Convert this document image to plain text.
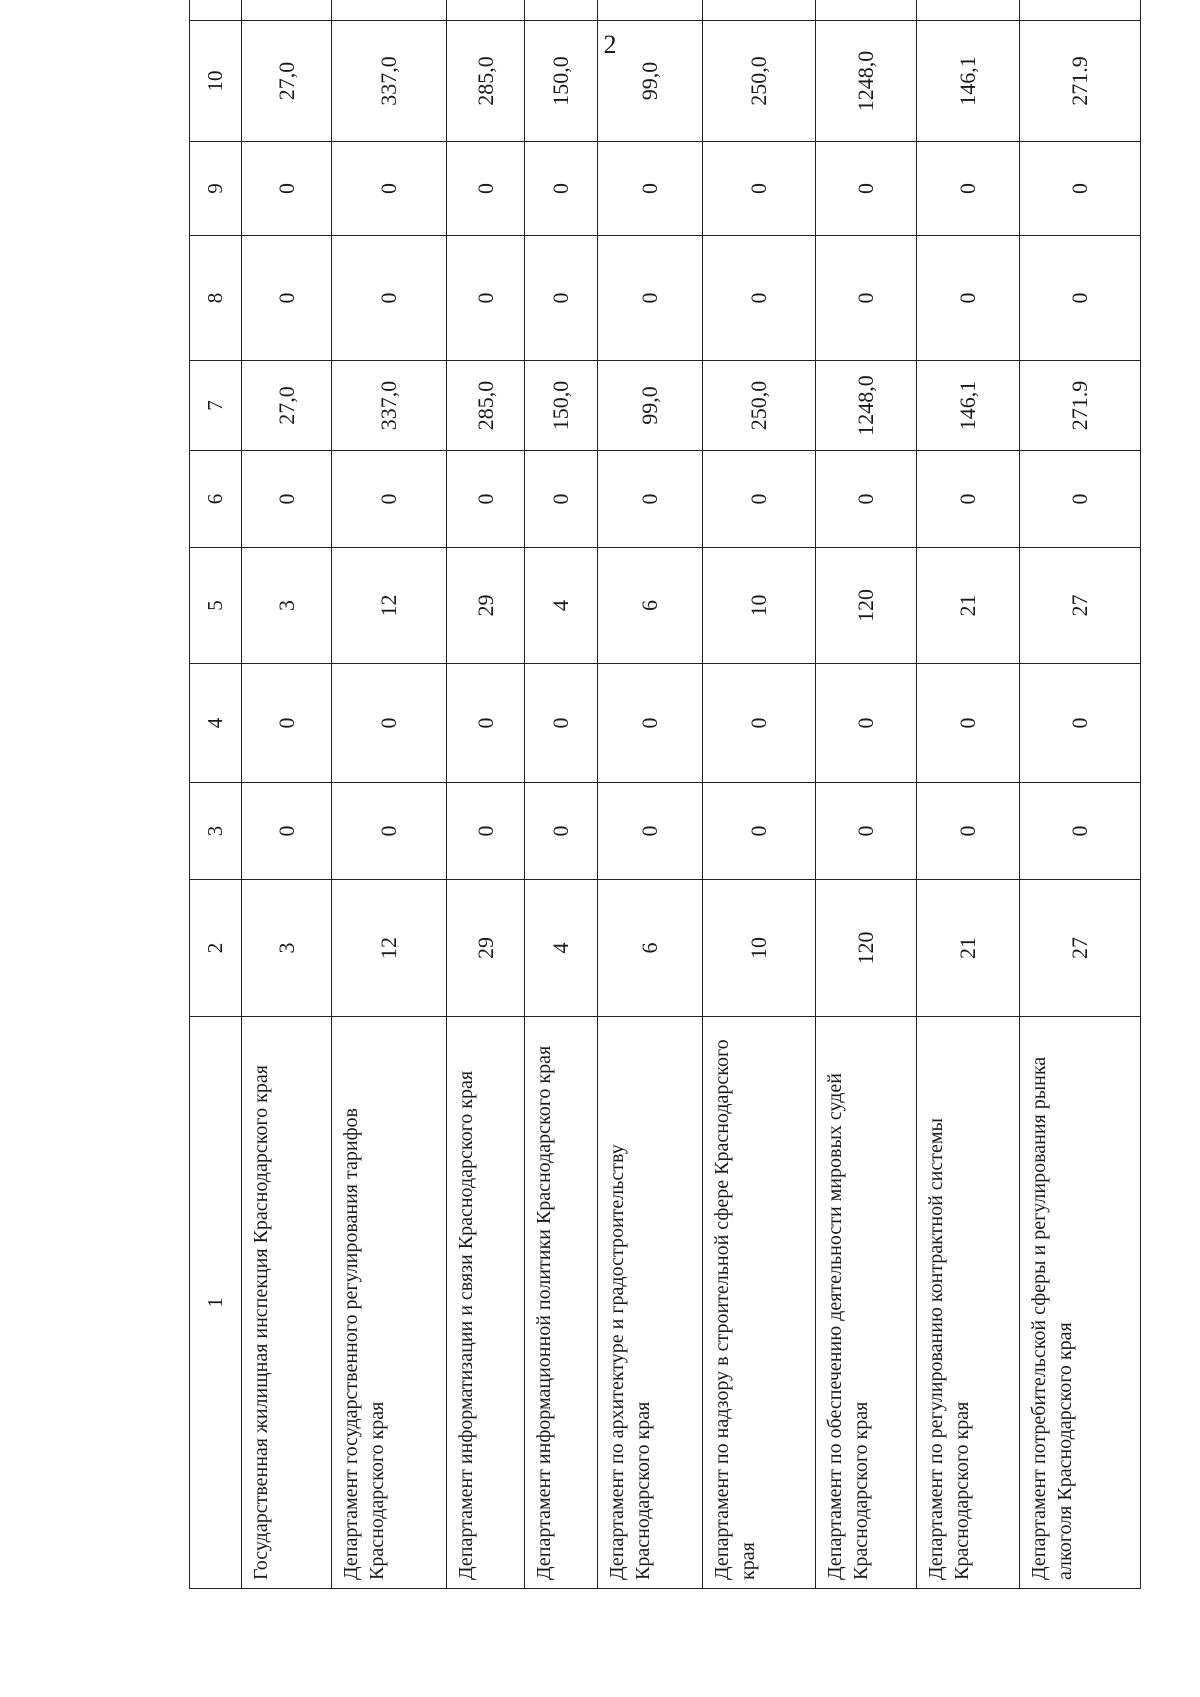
2
1	2	3	4	5	6	7	8	9	10	
Государственная жилищная инспекция Краснодарского края	3	0	0	3	0	27,0	0	0	27,0	
Департамент государственного регулирования тарифов Краснодарского края	12	0	0	12	0	337,0	0	0	337,0	
Департамент информатизации и связи Краснодарского края	29	0	0	29	0	285,0	0	0	285,0	
Департамент информационной политики Краснодарского края	4	0	0	4	0	150,0	0	0	150,0	
Департамент по архитектуре и градостроительству Краснодарского края	6	0	0	6	0	99,0	0	0	99,0	
Департамент по надзору в строительной сфере Краснодарского края	10	0	0	10	0	250,0	0	0	250,0	
Департамент по обеспечению деятельности мировых судей Краснодарского края	120	0	0	120	0	1248,0	0	0	1248,0	
Департамент по регулированию контрактной системы Краснодарского края	21	0	0	21	0	146,1	0	0	146,1	
Департамент потребительской сферы и регулирования рынка алкоголя Краснодарского края	27	0	0	27	0	271.9	0	0	271.9	
